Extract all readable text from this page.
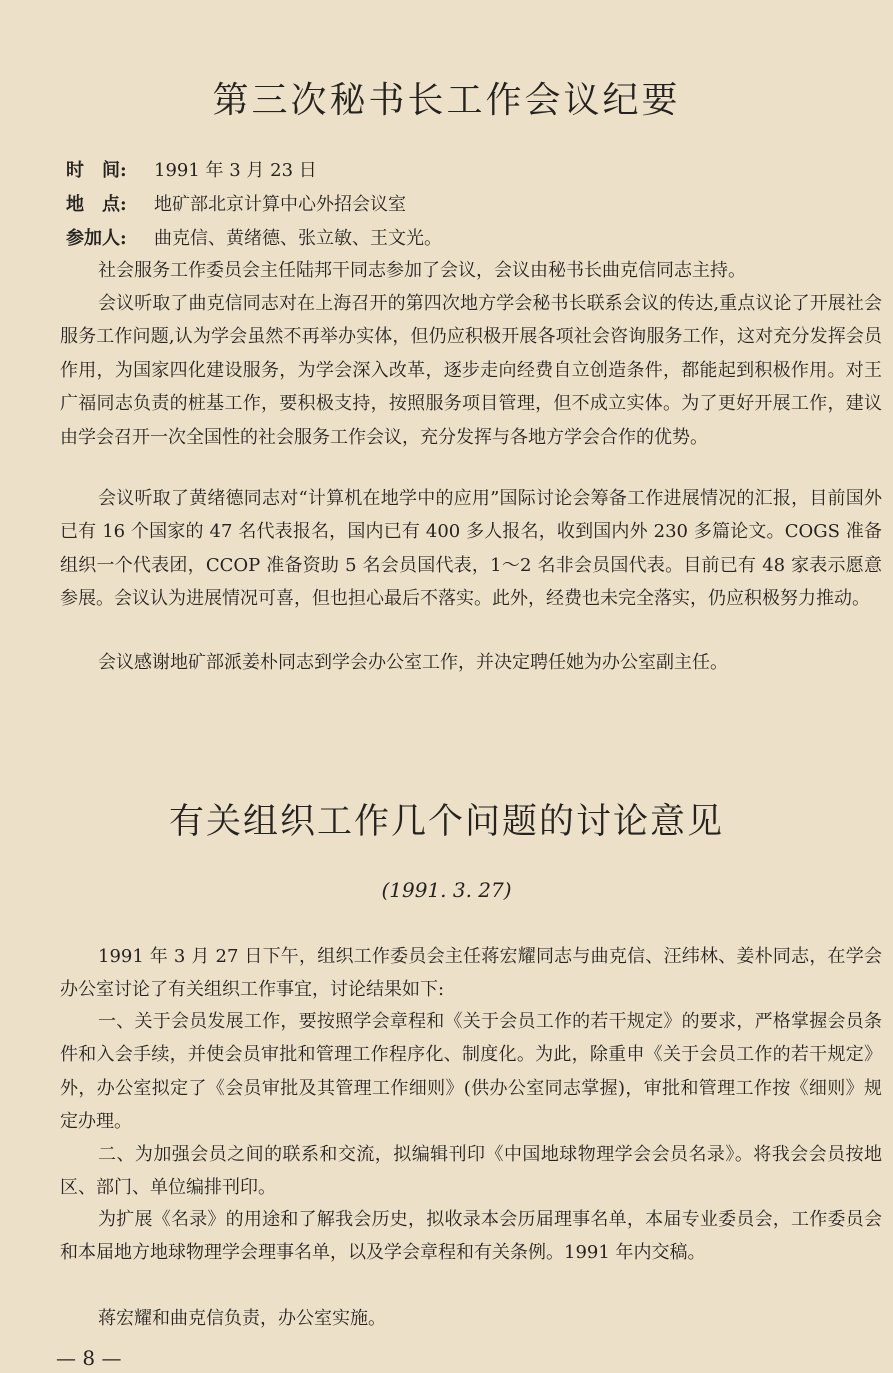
第三次秘书长工作会议纪要
时　间: 1991 年 3 月 23 日
地　点: 地矿部北京计算中心外招会议室
参加人: 曲克信、黄绪德、张立敏、王文光。

社会服务工作委员会主任陆邦干同志参加了会议，会议由秘书长曲克信同志主持。

会议听取了曲克信同志对在上海召开的第四次地方学会秘书长联系会议的传达,重点议论了开展社会服务工作问题,认为学会虽然不再举办实体，但仍应积极开展各项社会咨询服务工作，这对充分发挥会员作用，为国家四化建设服务，为学会深入改革，逐步走向经费自立创造条件，都能起到积极作用。对王广福同志负责的桩基工作，要积极支持，按照服务项目管理，但不成立实体。为了更好开展工作，建议由学会召开一次全国性的社会服务工作会议，充分发挥与各地方学会合作的优势。

会议听取了黄绪德同志对“计算机在地学中的应用”国际讨论会筹备工作进展情况的汇报，目前国外已有 16 个国家的 47 名代表报名，国内已有 400 多人报名，收到国内外 230 多篇论文。COGS 准备组织一个代表团，CCOP 准备资助 5 名会员国代表，1～2 名非会员国代表。目前已有 48 家表示愿意参展。会议认为进展情况可喜，但也担心最后不落实。此外，经费也未完全落实，仍应积极努力推动。

会议感谢地矿部派姜朴同志到学会办公室工作，并决定聘任她为办公室副主任。

有关组织工作几个问题的讨论意见
(1991. 3. 27)

1991 年 3 月 27 日下午，组织工作委员会主任蒋宏耀同志与曲克信、汪纬林、姜朴同志，在学会办公室讨论了有关组织工作事宜，讨论结果如下:

一、关于会员发展工作，要按照学会章程和《关于会员工作的若干规定》的要求，严格掌握会员条件和入会手续，并使会员审批和管理工作程序化、制度化。为此，除重申《关于会员工作的若干规定》外，办公室拟定了《会员审批及其管理工作细则》(供办公室同志掌握)，审批和管理工作按《细则》规定办理。

二、为加强会员之间的联系和交流，拟编辑刊印《中国地球物理学会会员名录》。将我会会员按地区、部门、单位编排刊印。

为扩展《名录》的用途和了解我会历史，拟收录本会历届理事名单，本届专业委员会，工作委员会和本届地方地球物理学会理事名单，以及学会章程和有关条例。1991 年内交稿。

蒋宏耀和曲克信负责，办公室实施。

— 8 —
